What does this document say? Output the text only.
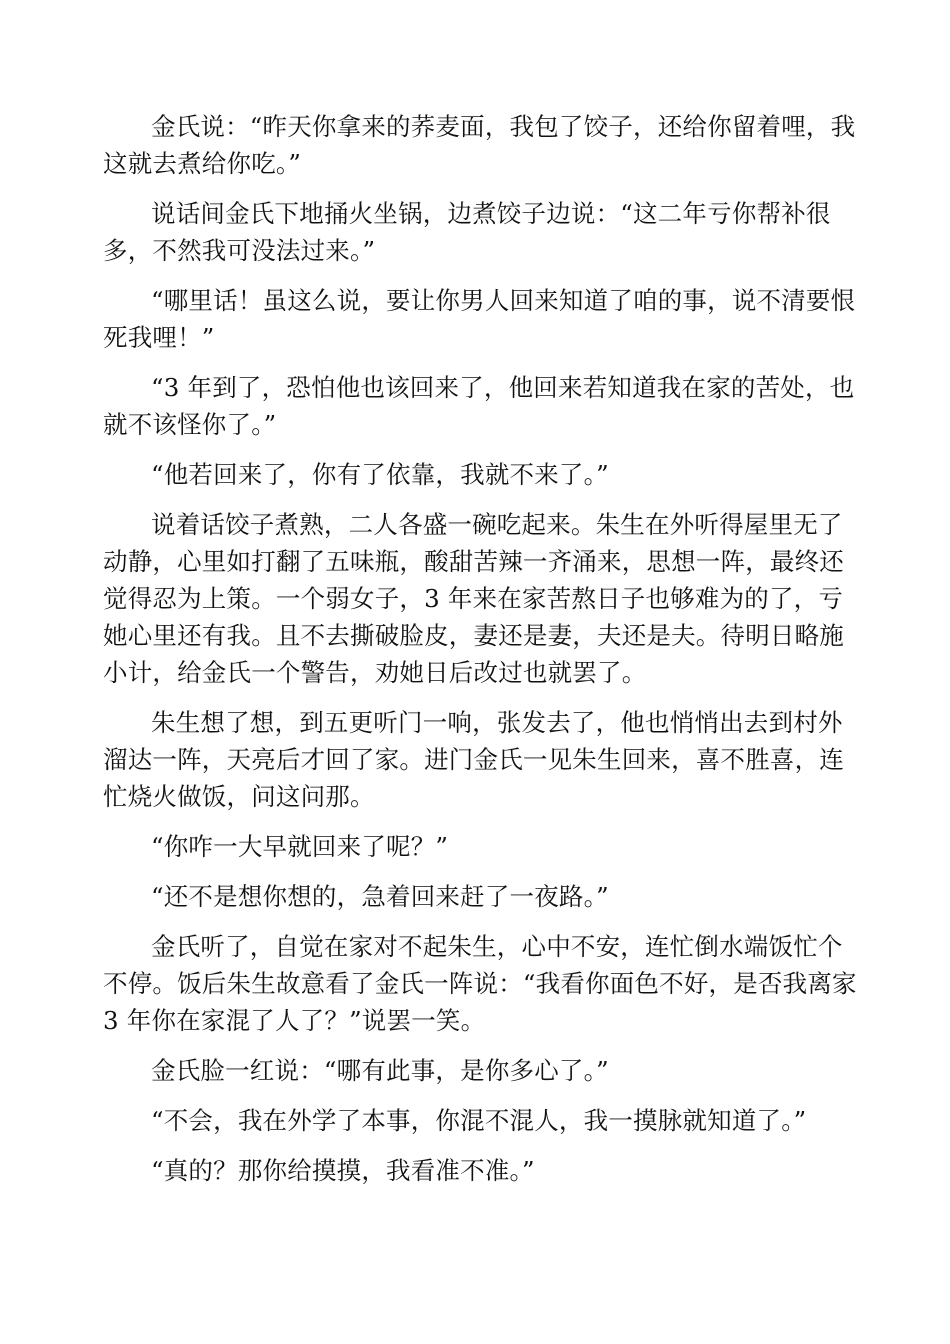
金氏说：“昨天你拿来的荞麦面，我包了饺子，还给你留着哩，我这就去煮给你吃。”

说话间金氏下地捅火坐锅，边煮饺子边说：“这二年亏你帮补很多，不然我可没法过来。”

“哪里话！虽这么说，要让你男人回来知道了咱的事，说不清要恨死我哩！”

“3 年到了，恐怕他也该回来了，他回来若知道我在家的苦处，也就不该怪你了。”

“他若回来了，你有了依靠，我就不来了。”

说着话饺子煮熟，二人各盛一碗吃起来。朱生在外听得屋里无了动静，心里如打翻了五味瓶，酸甜苦辣一齐涌来，思想一阵，最终还觉得忍为上策。一个弱女子，3 年来在家苦熬日子也够难为的了，亏她心里还有我。且不去撕破脸皮，妻还是妻，夫还是夫。待明日略施小计，给金氏一个警告，劝她日后改过也就罢了。

朱生想了想，到五更听门一响，张发去了，他也悄悄出去到村外溜达一阵，天亮后才回了家。进门金氏一见朱生回来，喜不胜喜，连忙烧火做饭，问这问那。

“你咋一大早就回来了呢？”

“还不是想你想的，急着回来赶了一夜路。”

金氏听了，自觉在家对不起朱生，心中不安，连忙倒水端饭忙个不停。饭后朱生故意看了金氏一阵说：“我看你面色不好，是否我离家 3 年你在家混了人了？”说罢一笑。

金氏脸一红说：“哪有此事，是你多心了。”

“不会，我在外学了本事，你混不混人，我一摸脉就知道了。”

“真的？那你给摸摸，我看准不准。”
